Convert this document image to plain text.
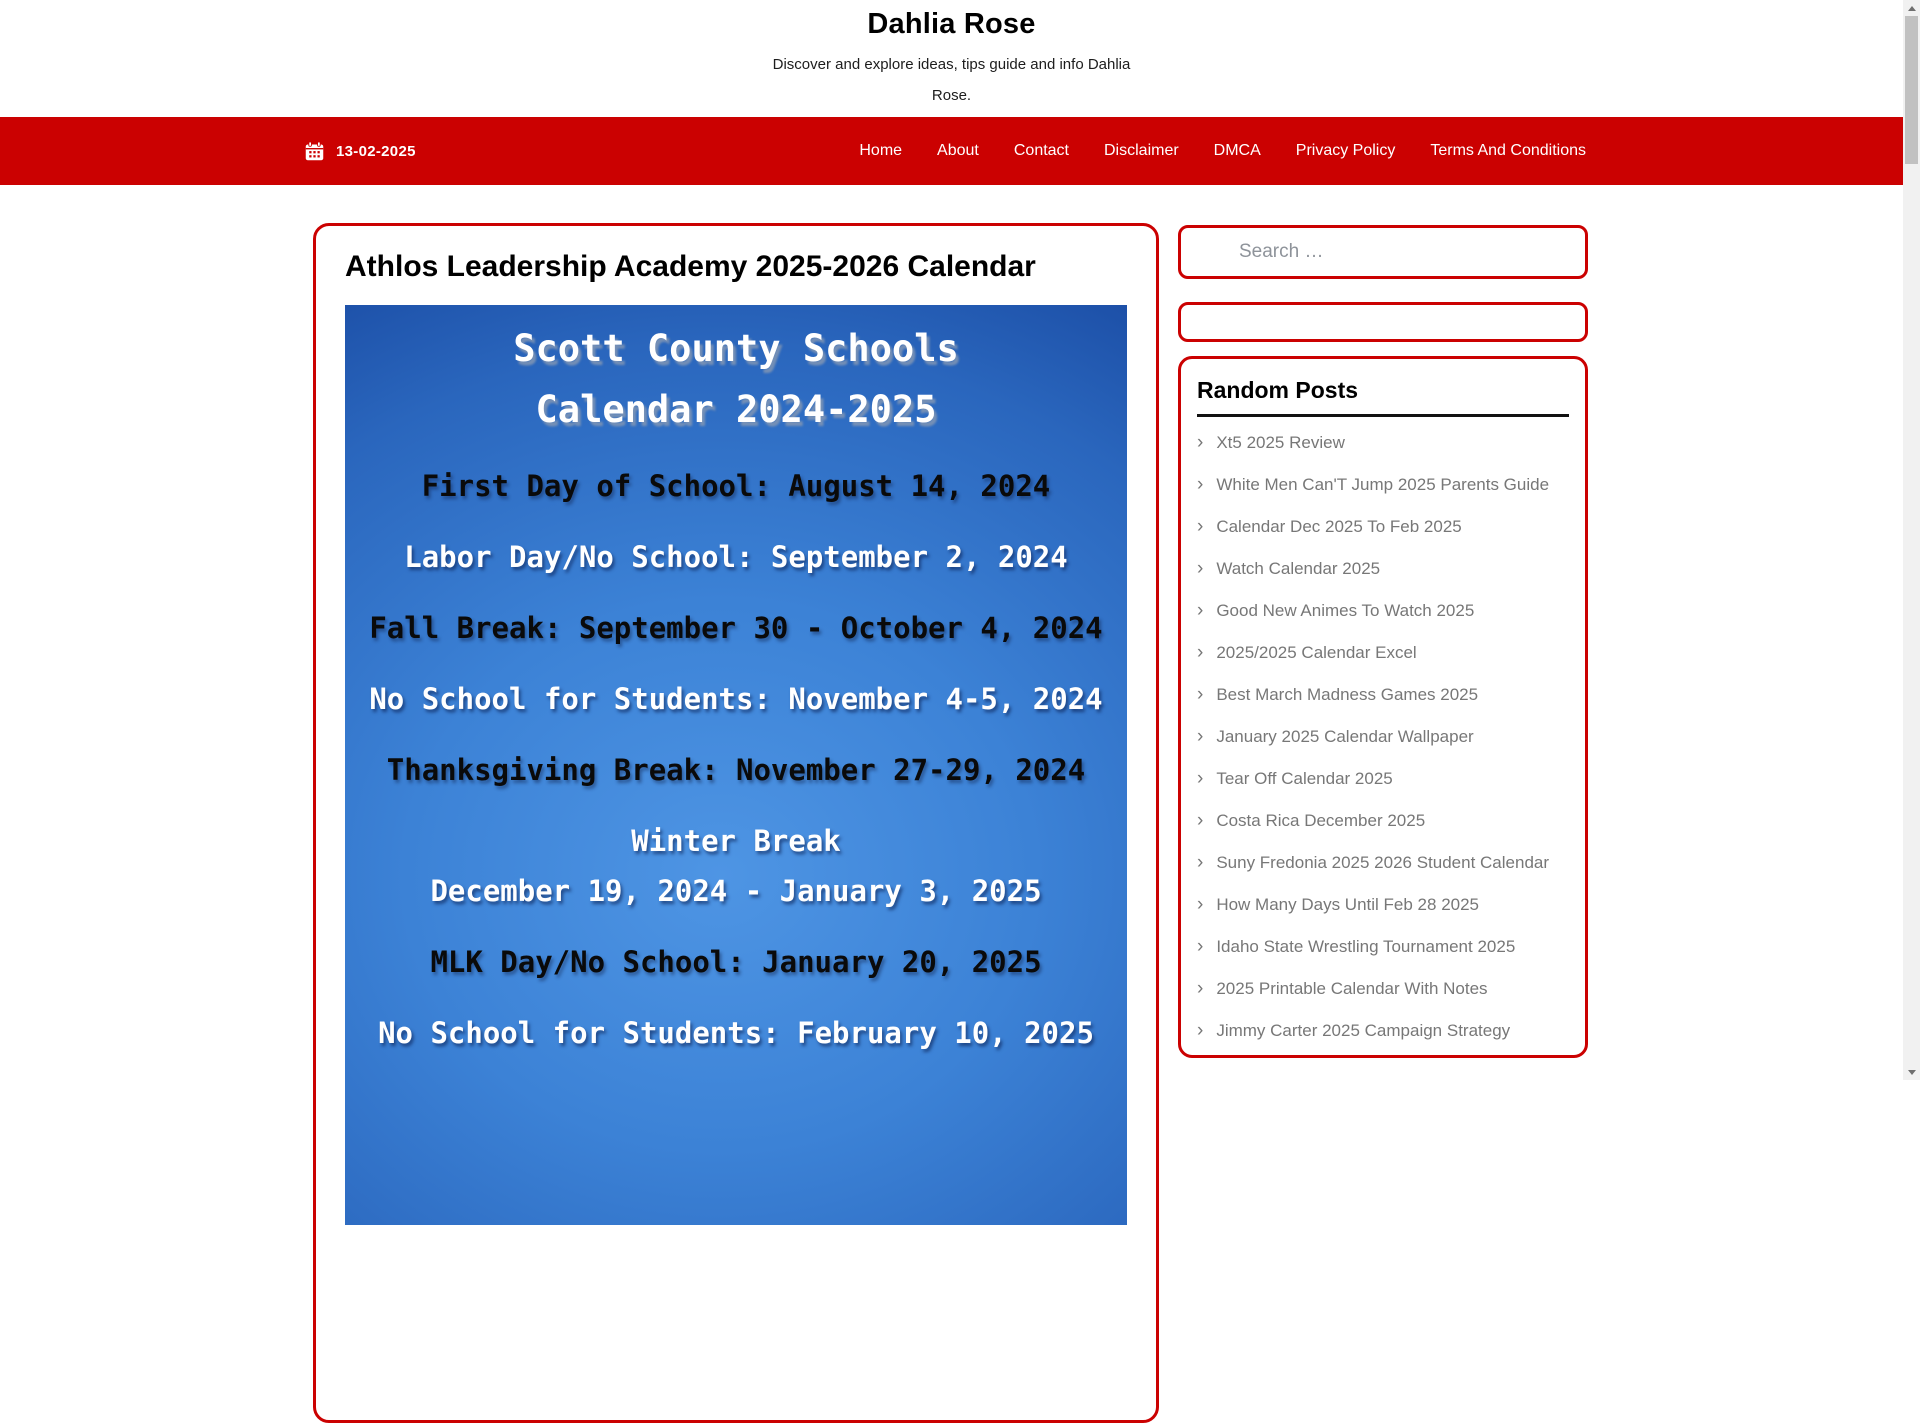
Dahlia Rose

Discover and explore ideas, tips guide and info Dahlia Rose.

13-02-2025	Home About Contact Disclaimer DMCA Privacy Policy Terms And Conditions
Athlos Leadership Academy 2025-2026 Calendar
Scott County Schools
Calendar 2024-2025
First Day of School: August 14, 2024
Labor Day/No School: September 2, 2024
Fall Break: September 30 - October 4, 2024
No School for Students: November 4-5, 2024
Thanksgiving Break: November 27-29, 2024
Winter Break
December 19, 2024 - January 3, 2025
MLK Day/No School: January 20, 2025
No School for Students: February 10, 2025
Search …
Random Posts
› Xt5 2025 Review
› White Men Can'T Jump 2025 Parents Guide
› Calendar Dec 2025 To Feb 2025
› Watch Calendar 2025
› Good New Animes To Watch 2025
› 2025/2025 Calendar Excel
› Best March Madness Games 2025
› January 2025 Calendar Wallpaper
› Tear Off Calendar 2025
› Costa Rica December 2025
› Suny Fredonia 2025 2026 Student Calendar
› How Many Days Until Feb 28 2025
› Idaho State Wrestling Tournament 2025
› 2025 Printable Calendar With Notes
› Jimmy Carter 2025 Campaign Strategy
